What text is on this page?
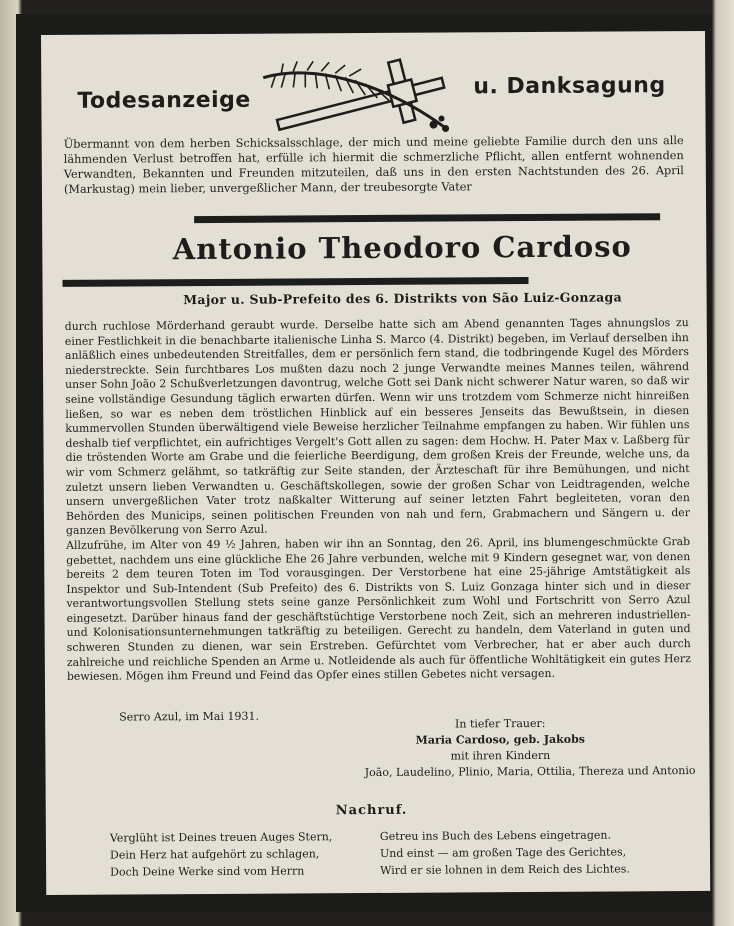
Todesanzeige
u. Danksagung

Übermannt von dem herben Schicksalsschlage, der mich und meine geliebte Familie durch den uns alle lähmenden Verlust betroffen hat, erfülle ich hiermit die schmerzliche Pflicht, allen entfernt wohnenden Verwandten, Bekannten und Freunden mitzuteilen, daß uns in den ersten Nachtstunden des 26. April (Markustag) mein lieber, unvergeßlicher Mann, der treubesorgte Vater

Antonio Theodoro Cardoso
Major u. Sub-Prefeito des 6. Distrikts von São Luiz-Gonzaga

durch ruchlose Mörderhand geraubt wurde. Derselbe hatte sich am Abend genannten Tages ahnungslos zu einer Festlichkeit in die benachbarte italienische Linha S. Marco (4. Distrikt) begeben, im Verlauf derselben ihn anläßlich eines unbedeutenden Streitfalles, dem er persönlich fern stand, die todbringende Kugel des Mörders niederstreckte. Sein furchtbares Los mußten dazu noch 2 junge Verwandte meines Mannes teilen, während unser Sohn João 2 Schußverletzungen davontrug, welche Gott sei Dank nicht schwerer Natur waren, so daß wir seine vollständige Gesundung täglich erwarten dürfen. Wenn wir uns trotzdem vom Schmerze nicht hinreißen ließen, so war es neben dem tröstlichen Hinblick auf ein besseres Jenseits das Bewußtsein, in diesen kummervollen Stunden überwältigend viele Beweise herzlicher Teilnahme empfangen zu haben. Wir fühlen uns deshalb tief verpflichtet, ein aufrichtiges Vergelt's Gott allen zu sagen: dem Hochw. H. Pater Max v. Laßberg für die tröstenden Worte am Grabe und die feierliche Beerdigung, dem großen Kreis der Freunde, welche uns, da wir vom Schmerz gelähmt, so tatkräftig zur Seite standen, der Ärzteschaft für ihre Bemühungen, und nicht zuletzt unsern lieben Verwandten u. Geschäftskollegen, sowie der großen Schar von Leidtragenden, welche unsern unvergeßlichen Vater trotz naßkalter Witterung auf seiner letzten Fahrt begleiteten, voran den Behörden des Municips, seinen politischen Freunden von nah und fern, Grabmachern und Sängern u. der ganzen Bevölkerung von Serro Azul.

Allzufrühe, im Alter von 49 ½ Jahren, haben wir ihn an Sonntag, den 26. April, ins blumengeschmückte Grab gebettet, nachdem uns eine glückliche Ehe 26 Jahre verbunden, welche mit 9 Kindern gesegnet war, von denen bereits 2 dem teuren Toten im Tod vorausgingen. Der Verstorbene hat eine 25-jährige Amtstätigkeit als Inspektor und Sub-Intendent (Sub Prefeito) des 6. Distrikts von S. Luiz Gonzaga hinter sich und in dieser verantwortungsvollen Stellung stets seine ganze Persönlichkeit zum Wohl und Fortschritt von Serro Azul eingesetzt. Darüber hinaus fand der geschäftstüchtige Verstorbene noch Zeit, sich an mehreren industriellen- und Kolonisationsunternehmungen tatkräftig zu beteiligen. Gerecht zu handeln, dem Vaterland in guten und schweren Stunden zu dienen, war sein Erstreben. Gefürchtet vom Verbrecher, hat er aber auch durch zahlreiche und reichliche Spenden an Arme u. Notleidende als auch für öffentliche Wohltätigkeit ein gutes Herz bewiesen. Mögen ihm Freund und Feind das Opfer eines stillen Gebetes nicht versagen.

Serro Azul, im Mai 1931.
In tiefer Trauer:
Maria Cardoso, geb. Jakobs
mit ihren Kindern
João, Laudelino, Plinio, Maria, Ottilia, Thereza und Antonio
Nachruf.
Verglüht ist Deines treuen Auges Stern,
Dein Herz hat aufgehört zu schlagen,
Doch Deine Werke sind vom Herrn
Getreu ins Buch des Lebens eingetragen.
Und einst — am großen Tage des Gerichtes,
Wird er sie lohnen in dem Reich des Lichtes.
